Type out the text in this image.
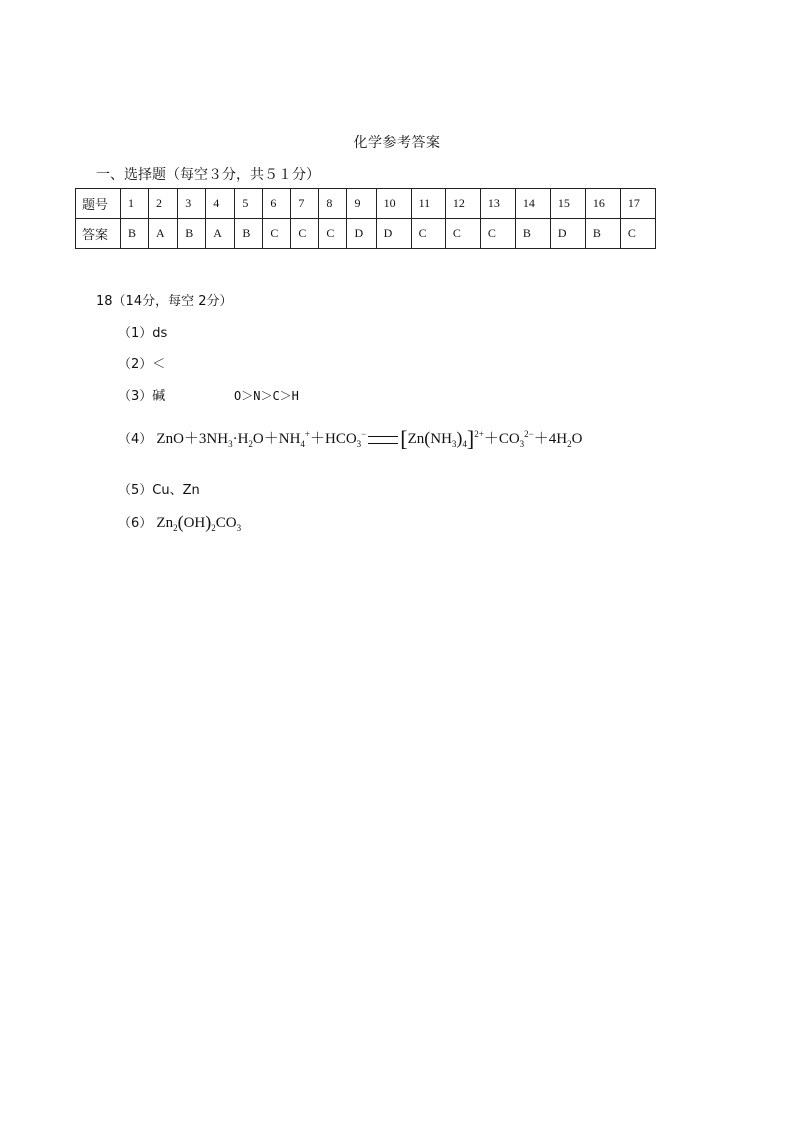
化学参考答案
一、选择题（每空３分，共５１分）
题号	1	2	3	4	5	6	7	8	9	10	11	12	13	14	15	16	17
答案	B	A	B	A	B	C	C	C	D	D	C	C	C	B	D	B	C
18（14分，每空 2分）
（1）ds
（2）＜
（3）碱	O＞N＞C＞H
（4） $ZnO+3NH_3\cdot H_2O+NH_4^++HCO_3^-$ $[Zn(NH_3)_4]^{2+}+CO_3^{2-}+4H_2O$
（5）Cu、Zn
（6） $Zn_2(OH)_2CO_3$
